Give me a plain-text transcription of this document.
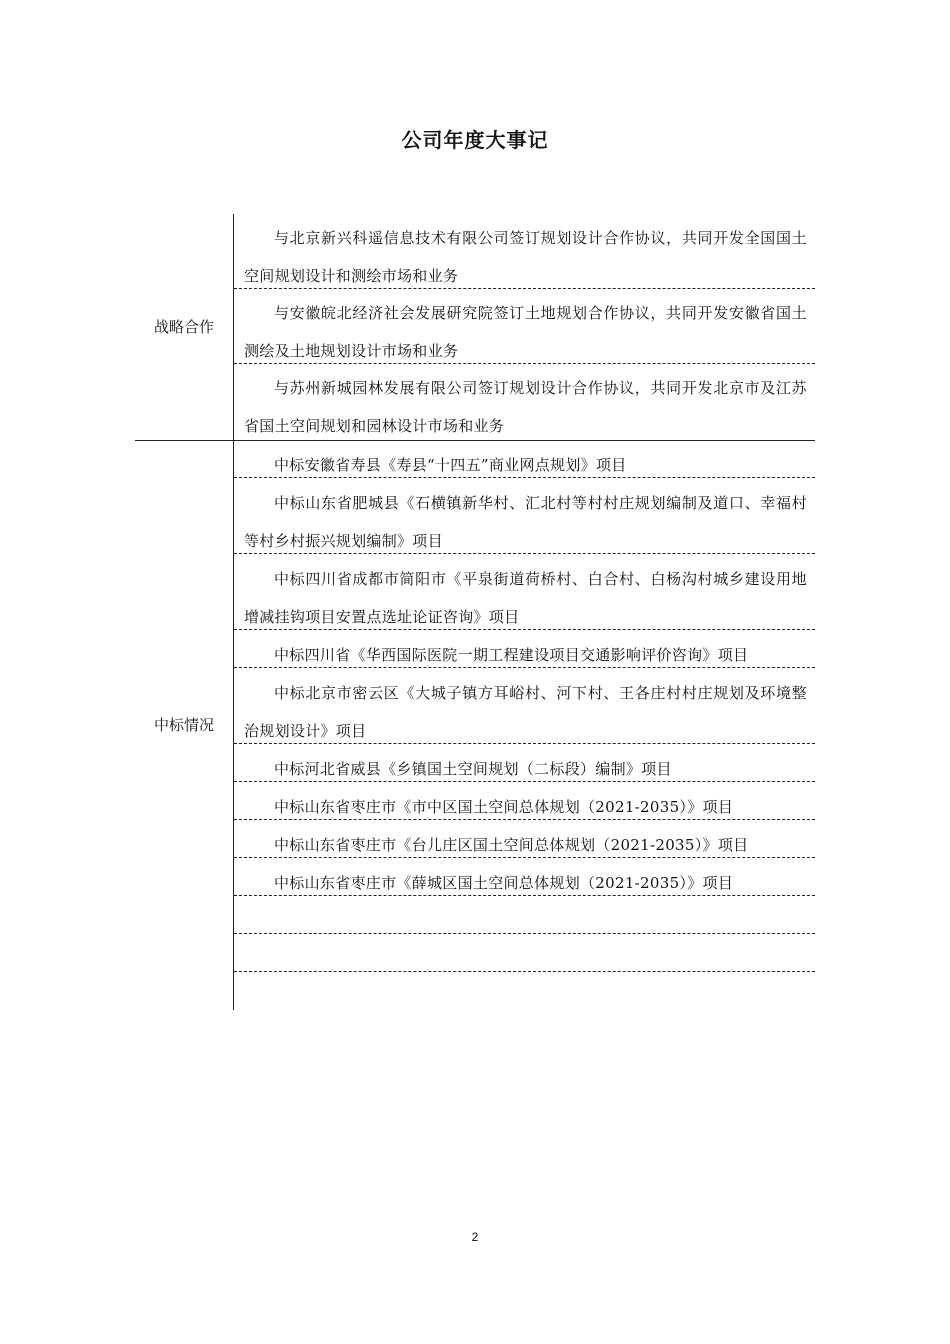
公司年度大事记
战略合作
中标情况
与北京新兴科遥信息技术有限公司签订规划设计合作协议，共同开发全国国土空间规划设计和测绘市场和业务
与安徽皖北经济社会发展研究院签订土地规划合作协议，共同开发安徽省国土测绘及土地规划设计市场和业务
与苏州新城园林发展有限公司签订规划设计合作协议，共同开发北京市及江苏省国土空间规划和园林设计市场和业务
中标安徽省寿县《寿县“十四五”商业网点规划》项目
中标山东省肥城县《石横镇新华村、汇北村等村村庄规划编制及道口、幸福村等村乡村振兴规划编制》项目
中标四川省成都市简阳市《平泉街道荷桥村、白合村、白杨沟村城乡建设用地增减挂钩项目安置点选址论证咨询》项目
中标四川省《华西国际医院一期工程建设项目交通影响评价咨询》项目
中标北京市密云区《大城子镇方耳峪村、河下村、王各庄村村庄规划及环境整治规划设计》项目
中标河北省威县《乡镇国土空间规划（二标段）编制》项目
中标山东省枣庄市《市中区国土空间总体规划（2021-2035）》项目
中标山东省枣庄市《台儿庄区国土空间总体规划（2021-2035）》项目
中标山东省枣庄市《薛城区国土空间总体规划（2021-2035）》项目
2
